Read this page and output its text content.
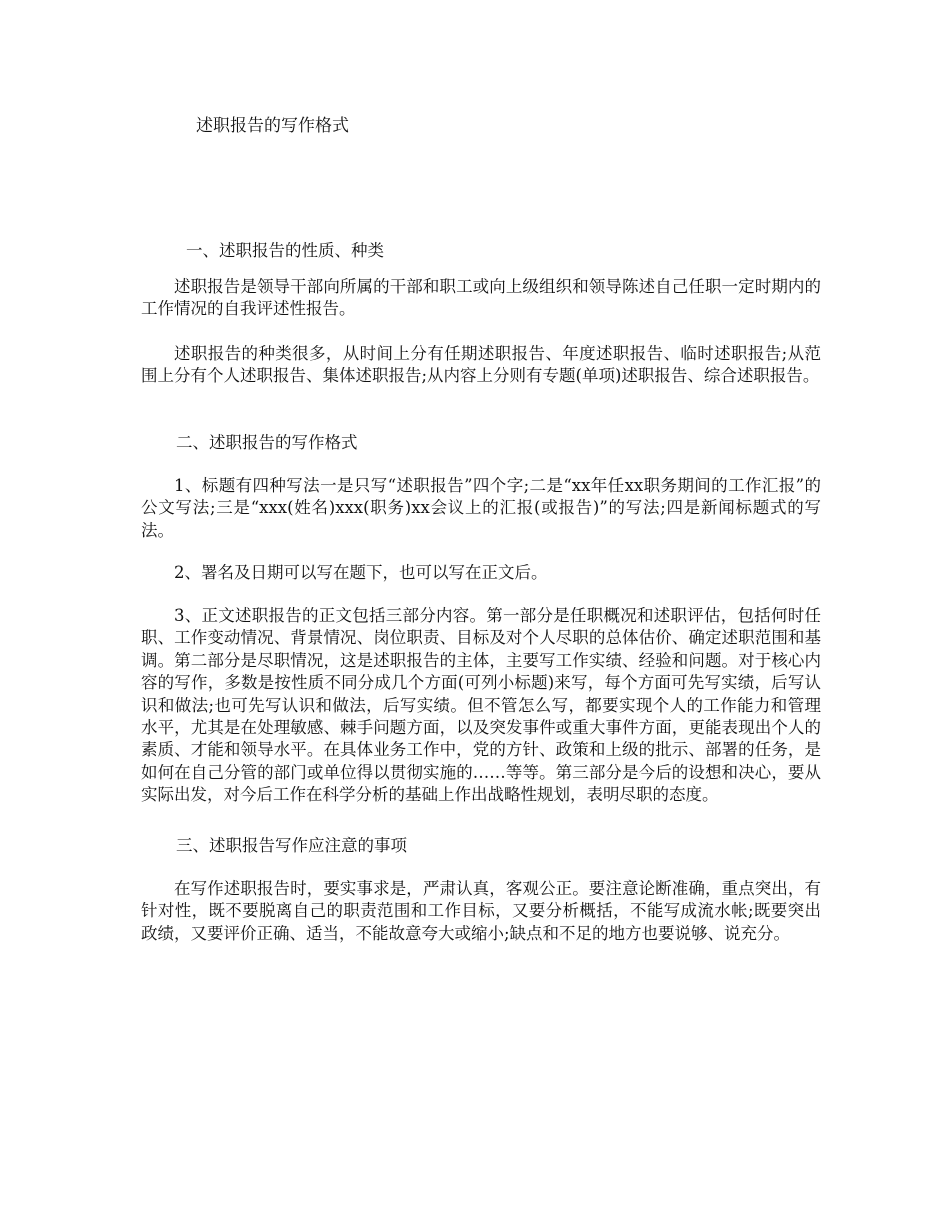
述职报告的写作格式
一、述职报告的性质、种类

述职报告是领导干部向所属的干部和职工或向上级组织和领导陈述自己任职一定时期内的工作情况的自我评述性报告。

述职报告的种类很多，从时间上分有任期述职报告、年度述职报告、临时述职报告;从范围上分有个人述职报告、集体述职报告;从内容上分则有专题(单项)述职报告、综合述职报告。

二、述职报告的写作格式

1、标题有四种写法一是只写“述职报告”四个字;二是“xx年任xx职务期间的工作汇报”的公文写法;三是“xxx(姓名)xxx(职务)xx会议上的汇报(或报告)”的写法;四是新闻标题式的写法。

2、署名及日期可以写在题下，也可以写在正文后。

3、正文述职报告的正文包括三部分内容。第一部分是任职概况和述职评估，包括何时任职、工作变动情况、背景情况、岗位职责、目标及对个人尽职的总体估价、确定述职范围和基调。第二部分是尽职情况，这是述职报告的主体，主要写工作实绩、经验和问题。对于核心内容的写作，多数是按性质不同分成几个方面(可列小标题)来写，每个方面可先写实绩，后写认识和做法;也可先写认识和做法，后写实绩。但不管怎么写，都要实现个人的工作能力和管理水平，尤其是在处理敏感、棘手问题方面，以及突发事件或重大事件方面，更能表现出个人的素质、才能和领导水平。在具体业务工作中，党的方针、政策和上级的批示、部署的任务，是如何在自己分管的部门或单位得以贯彻实施的……等等。第三部分是今后的设想和决心，要从实际出发，对今后工作在科学分析的基础上作出战略性规划，表明尽职的态度。

三、述职报告写作应注意的事项

在写作述职报告时，要实事求是，严肃认真，客观公正。要注意论断准确，重点突出，有针对性，既不要脱离自己的职责范围和工作目标，又要分析概括，不能写成流水帐;既要突出政绩，又要评价正确、适当，不能故意夸大或缩小;缺点和不足的地方也要说够、说充分。
